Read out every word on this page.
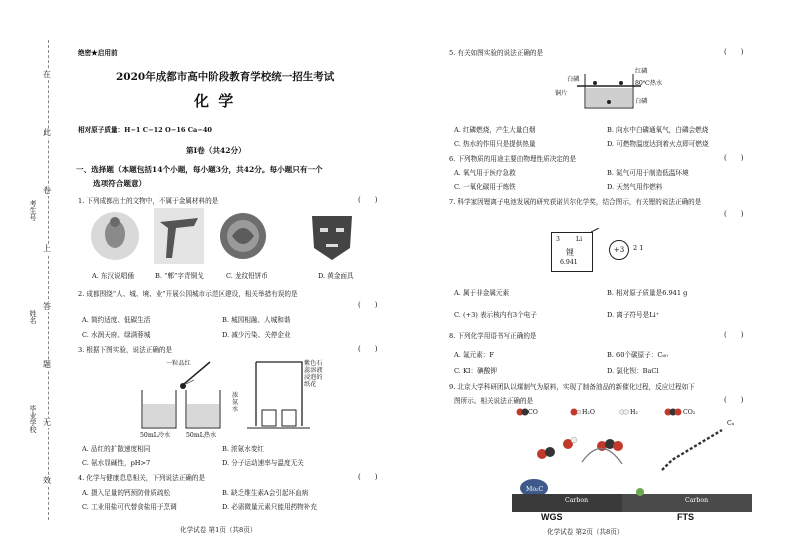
在
此
卷
上
答
题
无
效
考生号
姓名
毕业学校
绝密★启用前
2020年成都市高中阶段教育学校统一招生考试
化 学
相对原子质量：H−1 C−12 O−16 Ca−40
第Ⅰ卷（共42分）
一、选择题（本题包括14个小题，每小题3分，共42分。每小题只有一个
选项符合题意）
1. 下列成都出土的文物中，不属于金属材料的是	(　　)
A. 东汉说唱俑	B. “郫”字青铜戈	C. 龙纹铅饼币	D. 黄金面具
2. 成都围绕“人、城、境、业”开展公园城市示范区建设，相关举措有误的是
(　　)
A. 简约适度、低碳生活	B. 城园相融、人城和谐
C. 水润天府、绿满蓉城	D. 减少污染、关停企业
3. 根据下图实验，说法正确的是	(　　)
一粒品红
50mL冷水	50mL热水
浓氨水
紫色石蕊溶液浸泡的纸花
A. 品红的扩散速度相同	B. 浓氨水变红
C. 氨水显碱性，pH>7	D. 分子运动速率与温度无关
4. 化学与健康息息相关，下列说法正确的是	(　　)
A. 摄入足量的钙预防骨质疏松	B. 缺乏维生素A会引起坏血病
C. 工业用盐可代替食盐用于烹调	D. 必需微量元素只能用药物补充
化学试卷 第1页（共8页）
5. 有关如图实验的说法正确的是	(　　)
白磷
80℃热水
白磷
铜片
红磷
A. 红磷燃烧，产生大量白烟	B. 向水中白磷通氧气，白磷会燃烧
C. 热水的作用只是提供热量	D. 可燃物温度达到着火点即可燃烧
6. 下列物质的用途主要由物理性质决定的是	(　　)
A. 氧气用于医疗急救	B. 氮气可用于制造低温环境
C. 一氧化碳用于炼铁	D. 天然气用作燃料
7. 科学家因锂离子电池发展的研究获诺贝尔化学奖，结合图示，有关锂的说法正确的是
(　　)
3	Li
锂
6.941
+3	2 1
A. 属于非金属元素	B. 相对原子质量是6.941 g
C. (+3) 表示核内有3个电子	D. 离子符号是Li⁺
8. 下列化学用语书写正确的是	(　　)
A. 氟元素：F	B. 60个碳原子：C₆₀
C. KI：碘酸钾	D. 氯化钡：BaCl
9. 北京大学科研团队以煤制气为原料，实现了制备油品的新催化过程，反应过程如下
图所示。相关说法正确的是	(　　)
CO	H₂O	H₂	CO₂
Mo₂C
Carbon	Carbon
Cₙ
WGS	FTS
化学试卷 第2页（共8页）
